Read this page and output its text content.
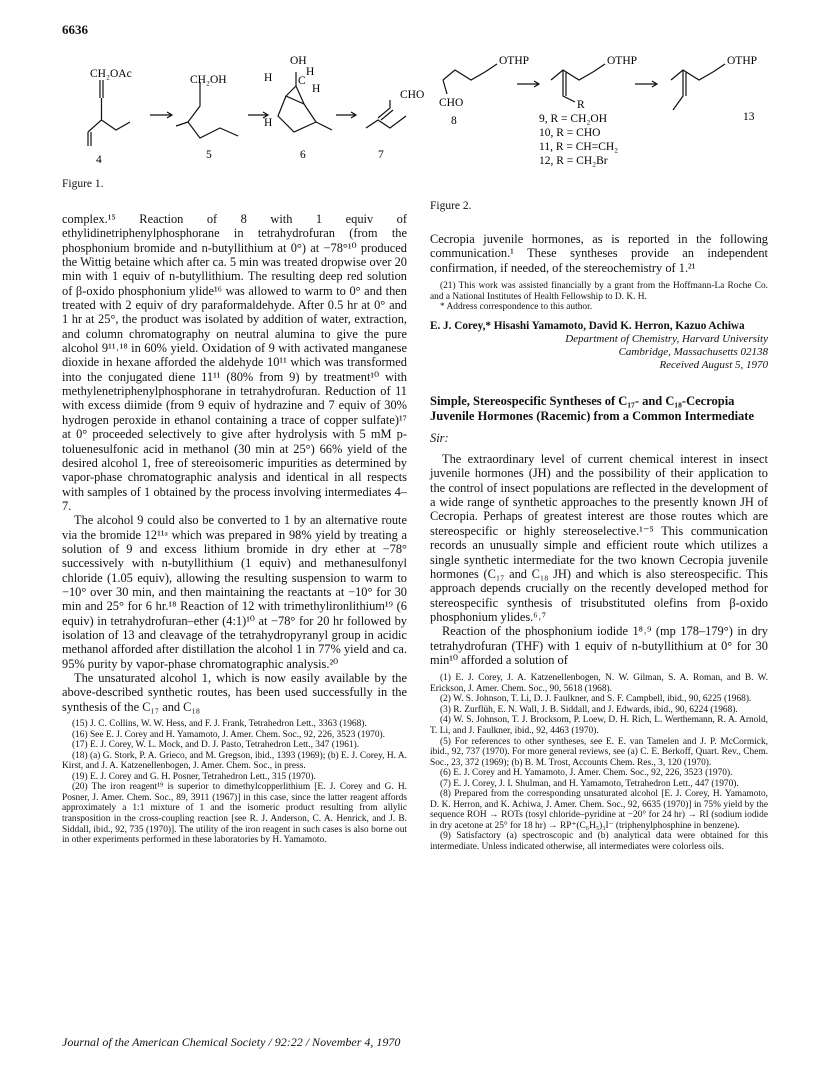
6636
CH₂OAc	CH₂OH
OH
H	H
C
H
H
CHO
4	5	6	7
Figure 1.
OTHP	OTHP	OTHP
CHO	R
8	13
9, R = CH₂OH
10, R = CHO
11, R = CH=CH₂
12, R = CH₂Br
Figure 2.

complex.¹⁵ Reaction of 8 with 1 equiv of ethylidinetriphenylphosphorane in tetrahydrofuran (from the phosphonium bromide and n-butyllithium at 0°) at −78°¹⁰ produced the Wittig betaine which after ca. 5 min was treated dropwise over 20 min with 1 equiv of n-butyllithium. The resulting deep red solution of β-oxido phosphonium ylide¹⁶ was allowed to warm to 0° and then treated with 2 equiv of dry paraformaldehyde. After 0.5 hr at 0° and 1 hr at 25°, the product was isolated by addition of water, extraction, and column chromatography on neutral alumina to give the pure alcohol 9¹¹˒¹⁸ in 60% yield. Oxidation of 9 with activated manganese dioxide in hexane afforded the aldehyde 10¹¹ which was transformed into the conjugated diene 11¹¹ (80% from 9) by treatment¹⁰ with methylenetriphenylphosphorane in tetrahydrofuran. Reduction of 11 with excess diimide (from 9 equiv of hydrazine and 7 equiv of 30% hydrogen peroxide in ethanol containing a trace of copper sulfate)¹⁷ at 0° proceeded selectively to give after hydrolysis with 5 mM p-toluenesulfonic acid in methanol (30 min at 25°) 66% yield of the desired alcohol 1, free of stereoisomeric impurities as determined by vapor-phase chromatographic analysis and identical in all respects with samples of 1 obtained by the process involving intermediates 4–7.

The alcohol 9 could also be converted to 1 by an alternative route via the bromide 12¹¹ᵃ which was prepared in 98% yield by treating a solution of 9 and excess lithium bromide in dry ether at −78° successively with n-butyllithium (1 equiv) and methanesulfonyl chloride (1.05 equiv), allowing the resulting suspension to warm to −10° over 30 min, and then maintaining the reactants at −10° for 30 min and 25° for 6 hr.¹⁸ Reaction of 12 with trimethylironlithium¹⁹ (6 equiv) in tetrahydrofuran–ether (4:1)¹⁰ at −78° for 20 hr followed by isolation of 13 and cleavage of the tetrahydropyranyl group in acidic methanol afforded after distillation the alcohol 1 in 77% yield and ca. 95% purity by vapor-phase chromatographic analysis.²⁰

The unsaturated alcohol 1, which is now easily available by the above-described synthetic routes, has been used successfully in the synthesis of the C₁₇ and C₁₈

(15) J. C. Collins, W. W. Hess, and F. J. Frank, Tetrahedron Lett., 3363 (1968).

(16) See E. J. Corey and H. Yamamoto, J. Amer. Chem. Soc., 92, 226, 3523 (1970).

(17) E. J. Corey, W. L. Mock, and D. J. Pasto, Tetrahedron Lett., 347 (1961).

(18) (a) G. Stork, P. A. Grieco, and M. Gregson, ibid., 1393 (1969); (b) E. J. Corey, H. A. Kirst, and J. A. Katzenellenbogen, J. Amer. Chem. Soc., in press.

(19) E. J. Corey and G. H. Posner, Tetrahedron Lett., 315 (1970).

(20) The iron reagent¹⁹ is superior to dimethylcopperlithium [E. J. Corey and G. H. Posner, J. Amer. Chem. Soc., 89, 3911 (1967)] in this case, since the latter reagent affords approximately a 1:1 mixture of 1 and the isomeric product resulting from allylic transposition in the cross-coupling reaction [see R. J. Anderson, C. A. Henrick, and J. B. Siddall, ibid., 92, 735 (1970)]. The utility of the iron reagent in such cases is also borne out in other experiments performed in these laboratories by H. Yamamoto.

Cecropia juvenile hormones, as is reported in the following communication.¹ These syntheses provide an independent confirmation, if needed, of the stereochemistry of 1.²¹

(21) This work was assisted financially by a grant from the Hoffmann-La Roche Co. and a National Institutes of Health Fellowship to D. K. H.

* Address correspondence to this author.

E. J. Corey,* Hisashi Yamamoto, David K. Herron, Kazuo Achiwa

Department of Chemistry, Harvard University

Cambridge, Massachusetts 02138

Received August 5, 1970

Simple, Stereospecific Syntheses of C₁₇- and C₁₈-Cecropia Juvenile Hormones (Racemic) from a Common Intermediate

Sir:

The extraordinary level of current chemical interest in insect juvenile hormones (JH) and the possibility of their application to the control of insect populations are reflected in the development of a wide range of synthetic approaches to the presently known JH of Cecropia. Perhaps of greatest interest are those routes which are stereospecific or highly stereoselective.¹⁻⁵ This communication records an unusually simple and efficient route which utilizes a single synthetic intermediate for the two known Cecropia juvenile hormones (C₁₇ and C₁₈ JH) and which is also stereospecific. This approach depends crucially on the recently developed method for stereospecific synthesis of trisubstituted olefins from β-oxido phosphonium ylides.⁶˒⁷

Reaction of the phosphonium iodide 1⁸˒⁹ (mp 178–179°) in dry tetrahydrofuran (THF) with 1 equiv of n-butyllithium at 0° for 30 min¹⁰ afforded a solution of

(1) E. J. Corey, J. A. Katzenellenbogen, N. W. Gilman, S. A. Roman, and B. W. Erickson, J. Amer. Chem. Soc., 90, 5618 (1968).

(2) W. S. Johnson, T. Li, D. J. Faulkner, and S. F. Campbell, ibid., 90, 6225 (1968).

(3) R. Zurflüh, E. N. Wall, J. B. Siddall, and J. Edwards, ibid., 90, 6224 (1968).

(4) W. S. Johnson, T. J. Brocksom, P. Loew, D. H. Rich, L. Werthemann, R. A. Arnold, T. Li, and J. Faulkner, ibid., 92, 4463 (1970).

(5) For references to other syntheses, see E. E. van Tamelen and J. P. McCormick, ibid., 92, 737 (1970). For more general reviews, see (a) C. E. Berkoff, Quart. Rev., Chem. Soc., 23, 372 (1969); (b) B. M. Trost, Accounts Chem. Res., 3, 120 (1970).

(6) E. J. Corey and H. Yamamoto, J. Amer. Chem. Soc., 92, 226, 3523 (1970).

(7) E. J. Corey, J. I. Shulman, and H. Yamamoto, Tetrahedron Lett., 447 (1970).

(8) Prepared from the corresponding unsaturated alcohol [E. J. Corey, H. Yamamoto, D. K. Herron, and K. Achiwa, J. Amer. Chem. Soc., 92, 6635 (1970)] in 75% yield by the sequence ROH → ROTs (tosyl chloride–pyridine at −20° for 24 hr) → RI (sodium iodide in dry acetone at 25° for 18 hr) → RP⁺(C₆H₅)₃I⁻ (triphenylphosphine in benzene).

(9) Satisfactory (a) spectroscopic and (b) analytical data were obtained for this intermediate. Unless indicated otherwise, all intermediates were colorless oils.

Journal of the American Chemical Society / 92:22 / November 4, 1970
